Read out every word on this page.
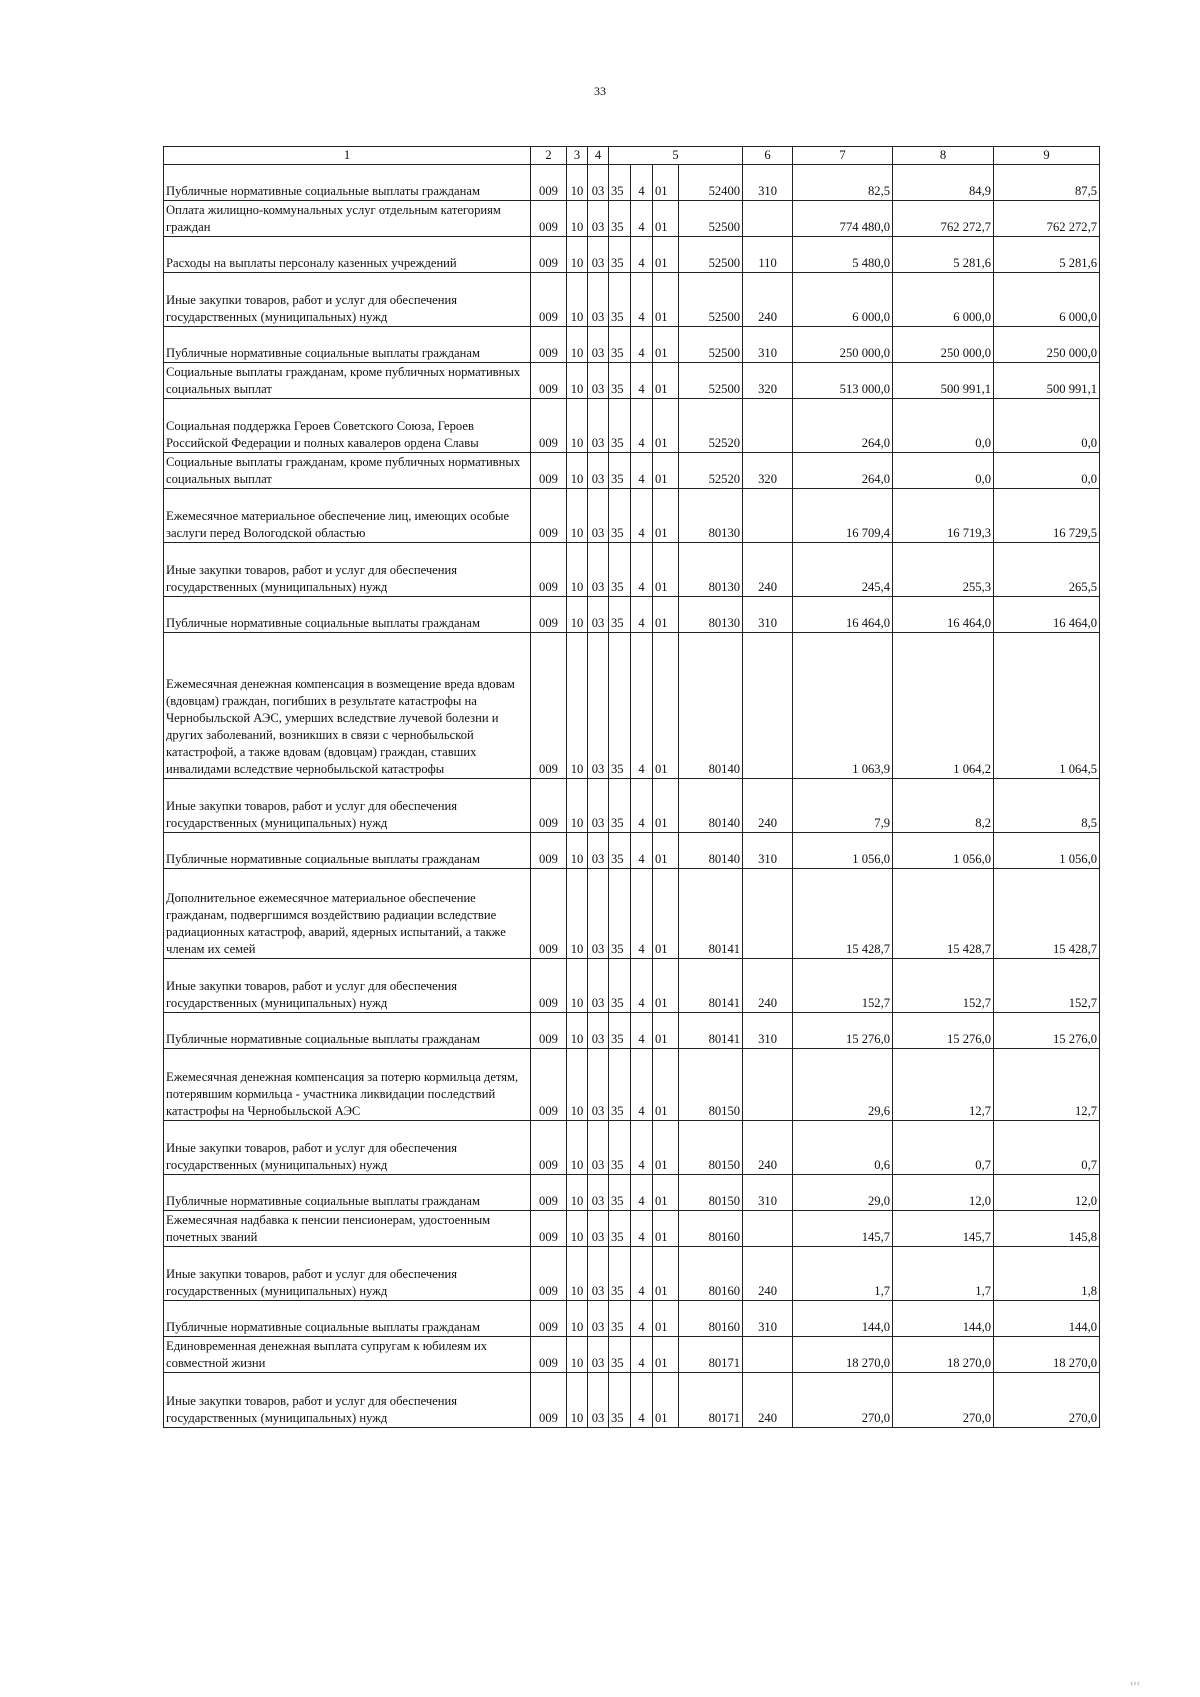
33
1	2	3	4	5				6	7	8	9
Публичные нормативные социальные выплаты гражданам	009	10	03	35	4	01	52400	310	82,5	84,9	87,5
Оплата жилищно-коммунальных услуг отдельным категориям граждан	009	10	03	35	4	01	52500		774 480,0	762 272,7	762 272,7
Расходы на выплаты персоналу казенных учреждений	009	10	03	35	4	01	52500	110	5 480,0	5 281,6	5 281,6
Иные закупки товаров, работ и услуг для обеспечения государственных (муниципальных) нужд	009	10	03	35	4	01	52500	240	6 000,0	6 000,0	6 000,0
Публичные нормативные социальные выплаты гражданам	009	10	03	35	4	01	52500	310	250 000,0	250 000,0	250 000,0
Социальные выплаты гражданам, кроме публичных нормативных социальных выплат	009	10	03	35	4	01	52500	320	513 000,0	500 991,1	500 991,1
Социальная поддержка Героев Советского Союза, Героев Российской Федерации и полных кавалеров ордена Славы	009	10	03	35	4	01	52520		264,0	0,0	0,0
Социальные выплаты гражданам, кроме публичных нормативных социальных выплат	009	10	03	35	4	01	52520	320	264,0	0,0	0,0
Ежемесячное материальное обеспечение лиц, имеющих особые заслуги перед Вологодской областью	009	10	03	35	4	01	80130		16 709,4	16 719,3	16 729,5
Иные закупки товаров, работ и услуг для обеспечения государственных (муниципальных) нужд	009	10	03	35	4	01	80130	240	245,4	255,3	265,5
Публичные нормативные социальные выплаты гражданам	009	10	03	35	4	01	80130	310	16 464,0	16 464,0	16 464,0
Ежемесячная денежная компенсация в возмещение вреда вдовам (вдовцам) граждан, погибших в результате катастрофы на Чернобыльской АЭС, умерших вследствие лучевой болезни и других заболеваний, возникших в связи с чернобыльской катастрофой, а также вдовам (вдовцам) граждан, ставших инвалидами вследствие чернобыльской катастрофы	009	10	03	35	4	01	80140		1 063,9	1 064,2	1 064,5
Иные закупки товаров, работ и услуг для обеспечения государственных (муниципальных) нужд	009	10	03	35	4	01	80140	240	7,9	8,2	8,5
Публичные нормативные социальные выплаты гражданам	009	10	03	35	4	01	80140	310	1 056,0	1 056,0	1 056,0
Дополнительное ежемесячное материальное обеспечение гражданам, подвергшимся воздействию радиации вследствие радиационных катастроф, аварий, ядерных испытаний, а также членам их семей	009	10	03	35	4	01	80141		15 428,7	15 428,7	15 428,7
Иные закупки товаров, работ и услуг для обеспечения государственных (муниципальных) нужд	009	10	03	35	4	01	80141	240	152,7	152,7	152,7
Публичные нормативные социальные выплаты гражданам	009	10	03	35	4	01	80141	310	15 276,0	15 276,0	15 276,0
Ежемесячная денежная компенсация за потерю кормильца детям, потерявшим кормильца - участника ликвидации последствий катастрофы на Чернобыльской АЭС	009	10	03	35	4	01	80150		29,6	12,7	12,7
Иные закупки товаров, работ и услуг для обеспечения государственных (муниципальных) нужд	009	10	03	35	4	01	80150	240	0,6	0,7	0,7
Публичные нормативные социальные выплаты гражданам	009	10	03	35	4	01	80150	310	29,0	12,0	12,0
Ежемесячная надбавка к пенсии пенсионерам, удостоенным почетных званий	009	10	03	35	4	01	80160		145,7	145,7	145,8
Иные закупки товаров, работ и услуг для обеспечения государственных (муниципальных) нужд	009	10	03	35	4	01	80160	240	1,7	1,7	1,8
Публичные нормативные социальные выплаты гражданам	009	10	03	35	4	01	80160	310	144,0	144,0	144,0
Единовременная денежная выплата супругам к юбилеям их совместной жизни	009	10	03	35	4	01	80171		18 270,0	18 270,0	18 270,0
Иные закупки товаров, работ и услуг для обеспечения государственных (муниципальных) нужд	009	10	03	35	4	01	80171	240	270,0	270,0	270,0
‹‹‹
